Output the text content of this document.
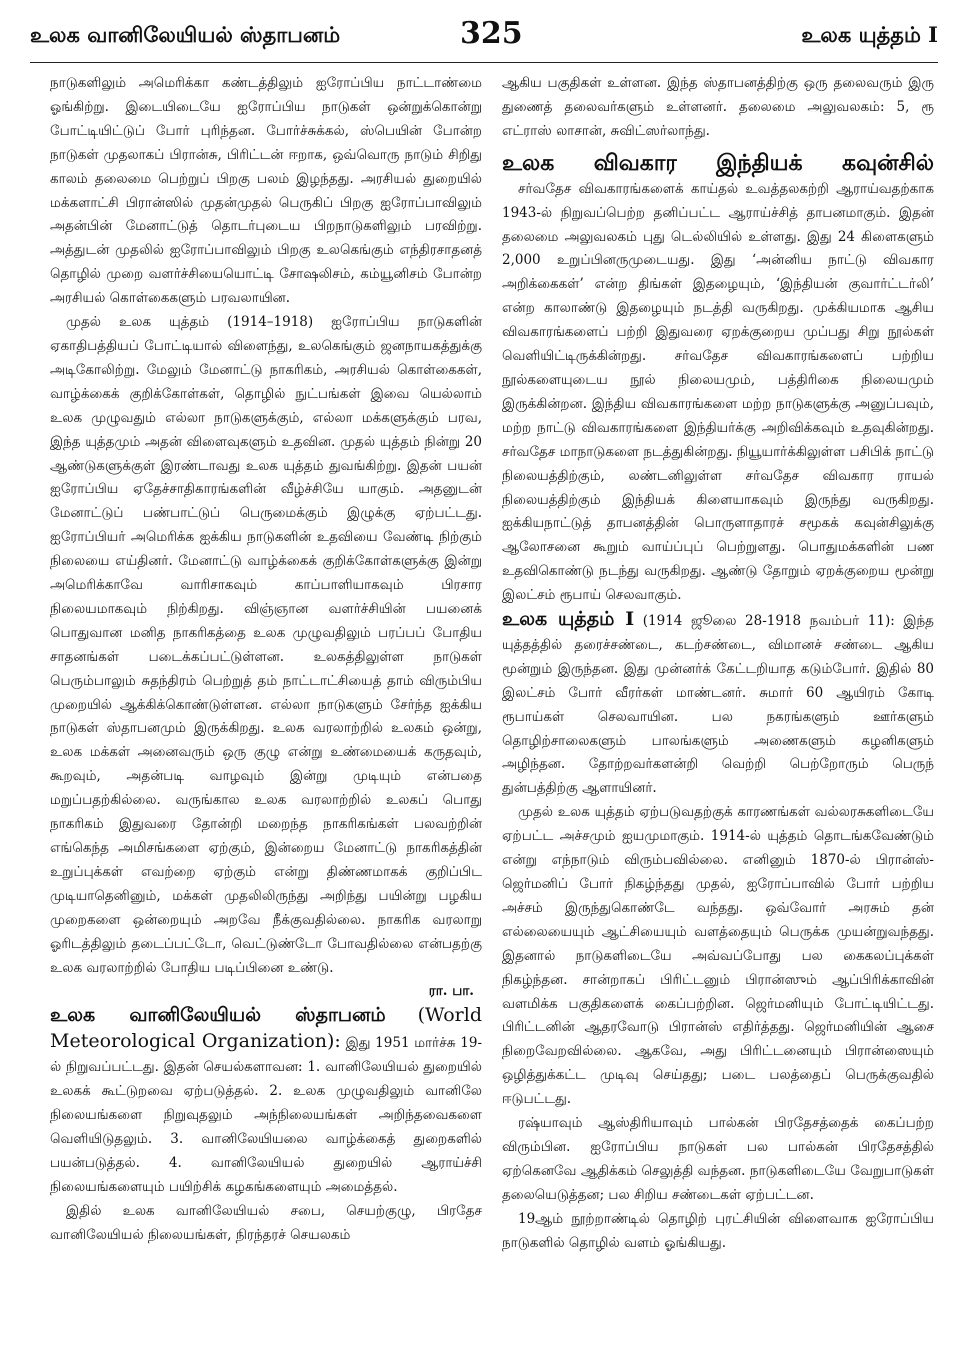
உலக வானிலேயியல் ஸ்தாபனம்	325	உலக யுத்தம் I

நாடுகளிலும் அமெரிக்கா கண்டத்திலும் ஐரோப்பிய நாட்டாண்மை ஓங்கிற்று. இடையிடையே ஐரோப்பிய நாடுகள் ஒன்றுக்கொன்று போட்டியிட்டுப் போர் புரிந்தன. போர்ச்சுக்கல், ஸ்பெயின் போன்ற நாடுகள் முதலாகப் பிரான்சு, பிரிட்டன் ஈறாக, ஒவ்வொரு நாடும் சிறிது காலம் தலைமை பெற்றுப் பிறகு பலம் இழந்தது. அரசியல் துறையில் மக்களாட்சி பிரான்ஸில் முதன்முதல் பெருகிப் பிறகு ஐரோப்பாவிலும் அதன்பின் மேனாட்டுத் தொடர்புடைய பிறநாடுகளிலும் பரவிற்று. அத்துடன் முதலில் ஐரோப்பாவிலும் பிறகு உலகெங்கும் எந்திரசாதனத் தொழில் முறை வளர்ச்சியையொட்டி சோஷலிசம், கம்யூனிசம் போன்ற அரசியல் கொள்கைகளும் பரவலாயின.

முதல் உலக யுத்தம் (1914–1918) ஐரோப்பிய நாடுகளின் ஏகாதிபத்தியப் போட்டியால் விளைந்து, உலகெங்கும் ஜனநாயகத்துக்கு அடிகோலிற்று. மேலும் மேனாட்டு நாகரிகம், அரசியல் கொள்கைகள், வாழ்க்கைக் குறிக்கோள்கள், தொழில் நுட்பங்கள் இவை யெல்லாம் உலக முழுவதும் எல்லா நாடுகளுக்கும், எல்லா மக்களுக்கும் பரவ, இந்த யுத்தமும் அதன் விளைவுகளும் உதவின. முதல் யுத்தம் நின்று 20 ஆண்டுகளுக்குள் இரண்டாவது உலக யுத்தம் துவங்கிற்று. இதன் பயன் ஐரோப்பிய ஏதேச்சாதிகாரங்களின் வீழ்ச்சியே யாகும். அதனுடன் மேனாட்டுப் பண்பாட்டுப் பெருமைக்கும் இழுக்கு ஏற்பட்டது. ஐரோப்பியர் அமெரிக்க ஐக்கிய நாடுகளின் உதவியை வேண்டி நிற்கும் நிலையை எய்தினர். மேனாட்டு வாழ்க்கைக் குறிக்கோள்களுக்கு இன்று அமெரிக்காவே வாரிசாகவும் காப்பாளியாகவும் பிரசார நிலையமாகவும் நிற்கிறது. விஞ்ஞான வளர்ச்சியின் பயனைக் பொதுவான மனித நாகரிகத்தை உலக முழுவதிலும் பரப்பப் போதிய சாதனங்கள் படைக்கப்பட்டுள்ளன. உலகத்திலுள்ள நாடுகள் பெரும்பாலும் சுதந்திரம் பெற்றுத் தம் நாட்டாட்சியைத் தாம் விரும்பிய முறையில் ஆக்கிக்கொண்டுள்ளன. எல்லா நாடுகளும் சேர்ந்த ஐக்கிய நாடுகள் ஸ்தாபனமும் இருக்கிறது. உலக வரலாற்றில் உலகம் ஒன்று, உலக மக்கள் அனைவரும் ஒரு குழு என்று உண்மையைக் கருதவும், கூறவும், அதன்படி வாழவும் இன்று முடியும் என்பதை மறுப்பதற்கில்லை. வருங்கால உலக வரலாற்றில் உலகப் பொது நாகரிகம் இதுவரை தோன்றி மறைந்த நாகரிகங்கள் பலவற்றின் எங்கெந்த அமிசங்களை ஏற்கும், இன்றைய மேனாட்டு நாகரிகத்தின் உறுப்புக்கள் எவற்றை ஏற்கும் என்று திண்ணமாகக் குறிப்பிட முடியாதெனினும், மக்கள் முதலிலிருந்து அறிந்து பயின்று பழகிய முறைகளை ஒன்றையும் அறவே நீக்குவதில்லை. நாகரிக வரலாறு ஓரிடத்திலும் தடைப்பட்டோ, வெட்டுண்டோ போவதில்லை என்பதற்கு உலக வரலாற்றில் போதிய படிப்பினை உண்டு.

ரா. பா.

உலக வானிலேயியல் ஸ்தாபனம் (World Meteorological Organization): இது 1951 மார்ச்சு 19-ல் நிறுவப்பட்டது. இதன் செயல்களாவன: 1. வானிலேயியல் துறையில் உலகக் கூட்டுறவை ஏற்படுத்தல். 2. உலக முழுவதிலும் வானிலே நிலையங்களை நிறுவுதலும் அந்நிலையங்கள் அறிந்தவைகளை வெளியிடுதலும். 3. வானிலேயியலை வாழ்க்கைத் துறைகளில் பயன்படுத்தல். 4. வானிலேயியல் துறையில் ஆராய்ச்சி நிலையங்களையும் பயிற்சிக் கழகங்களையும் அமைத்தல்.

இதில் உலக வானிலேயியல் சபை, செயற்குழு, பிரதேச வானிலேயியல் நிலையங்கள், நிரந்தரச் செயலகம்

ஆகிய பகுதிகள் உள்ளன. இந்த ஸ்தாபனத்திற்கு ஒரு தலைவரும் இரு துணைத் தலைவர்களும் உள்ளனர். தலைமை அலுவலகம்: 5, ரூ எட்ராஸ் லாசான், சுவிட்ஸர்லாந்து.

உலக விவகார இந்தியக் கவுன்சில்

சர்வதேச விவகாரங்களைக் காய்தல் உவத்தலகற்றி ஆராய்வதற்காக 1943-ல் நிறுவப்பெற்ற தனிப்பட்ட ஆராய்ச்சித் தாபனமாகும். இதன் தலைமை அலுவலகம் புது டெல்லியில் உள்ளது. இது 24 கிளைகளும் 2,000 உறுப்பினருமுடையது. இது ‘அன்னிய நாட்டு விவகார அறிக்கைகள்’ என்ற திங்கள் இதழையும், ‘இந்தியன் குவார்ட்டர்லி’ என்ற காலாண்டு இதழையும் நடத்தி வருகிறது. முக்கியமாக ஆசிய விவகாரங்களைப் பற்றி இதுவரை ஏறக்குறைய முப்பது சிறு நூல்கள் வெளியிட்டிருக்கின்றது. சர்வதேச விவகாரங்களைப் பற்றிய நூல்களையுடைய நூல் நிலையமும், பத்திரிகை நிலையமும் இருக்கின்றன. இந்திய விவகாரங்களை மற்ற நாடுகளுக்கு அனுப்பவும், மற்ற நாட்டு விவகாரங்களை இந்தியர்க்கு அறிவிக்கவும் உதவுகின்றது. சர்வதேச மாநாடுகளை நடத்துகின்றது. நியூயார்க்கிலுள்ள பசிபிக் நாட்டு நிலையத்திற்கும், லண்டனிலுள்ள சர்வதேச விவகார ராயல் நிலையத்திற்கும் இந்தியக் கிளையாகவும் இருந்து வருகிறது. ஐக்கியநாட்டுத் தாபனத்தின் பொருளாதாரச் சமூகக் கவுன்சிலுக்கு ஆலோசனை கூறும் வாய்ப்புப் பெற்றுளது. பொதுமக்களின் பண உதவிகொண்டு நடந்து வருகிறது. ஆண்டு தோறும் ஏறக்குறைய மூன்று இலட்சம் ரூபாய் செலவாகும்.

உலக யுத்தம் I (1914 ஜூலை 28-1918 நவம்பர் 11): இந்த யுத்தத்தில் தரைச்சண்டை, கடற்சண்டை, விமானச் சண்டை ஆகிய மூன்றும் இருந்தன. இது முன்னர்க் கேட்டறியாத கடும்போர். இதில் 80 இலட்சம் போர் வீரர்கள் மாண்டனர். சுமார் 60 ஆயிரம் கோடி ரூபாய்கள் செலவாயின. பல நகரங்களும் ஊர்களும் தொழிற்சாலைகளும் பாலங்களும் அணைகளும் கழனிகளும் அழிந்தன. தோற்றவர்களன்றி வெற்றி பெற்றோரும் பெருந் துன்பத்திற்கு ஆளாயினர்.

முதல் உலக யுத்தம் ஏற்படுவதற்குக் காரணங்கள் வல்லரசுகளிடையே ஏற்பட்ட அச்சமும் ஐயமுமாகும். 1914-ல் யுத்தம் தொடங்கவேண்டும் என்று எந்நாடும் விரும்பவில்லை. எனினும் 1870-ல் பிரான்ஸ்-ஜெர்மனிப் போர் நிகழ்ந்தது முதல், ஐரோப்பாவில் போர் பற்றிய அச்சம் இருந்துகொண்டே வந்தது. ஒவ்வோர் அரசும் தன் எல்லையையும் ஆட்சியையும் வளத்தையும் பெருக்க முயன்றுவந்தது. இதனால் நாடுகளிடையே அவ்வப்போது பல கைகலப்புக்கள் நிகழ்ந்தன. சான்றாகப் பிரிட்டனும் பிரான்ஸும் ஆப்பிரிக்காவின் வளமிக்க பகுதிகளைக் கைப்பற்றின. ஜெர்மனியும் போட்டியிட்டது. பிரிட்டனின் ஆதரவோடு பிரான்ஸ் எதிர்த்தது. ஜெர்மனியின் ஆசை நிறைவேறவில்லை. ஆகவே, அது பிரிட்டனையும் பிரான்ஸையும் ஒழித்துக்கட்ட முடிவு செய்தது; படை பலத்தைப் பெருக்குவதில் ஈடுபட்டது.

ரஷ்யாவும் ஆஸ்திரியாவும் பால்கன் பிரதேசத்தைக் கைப்பற்ற விரும்பின. ஐரோப்பிய நாடுகள் பல பால்கன் பிரதேசத்தில் ஏற்கெனவே ஆதிக்கம் செலுத்தி வந்தன. நாடுகளிடையே வேறுபாடுகள் தலையெடுத்தன; பல சிறிய சண்டைகள் ஏற்பட்டன.

19ஆம் நூற்றாண்டில் தொழிற் புரட்சியின் விளைவாக ஐரோப்பிய நாடுகளில் தொழில் வளம் ஓங்கியது.
